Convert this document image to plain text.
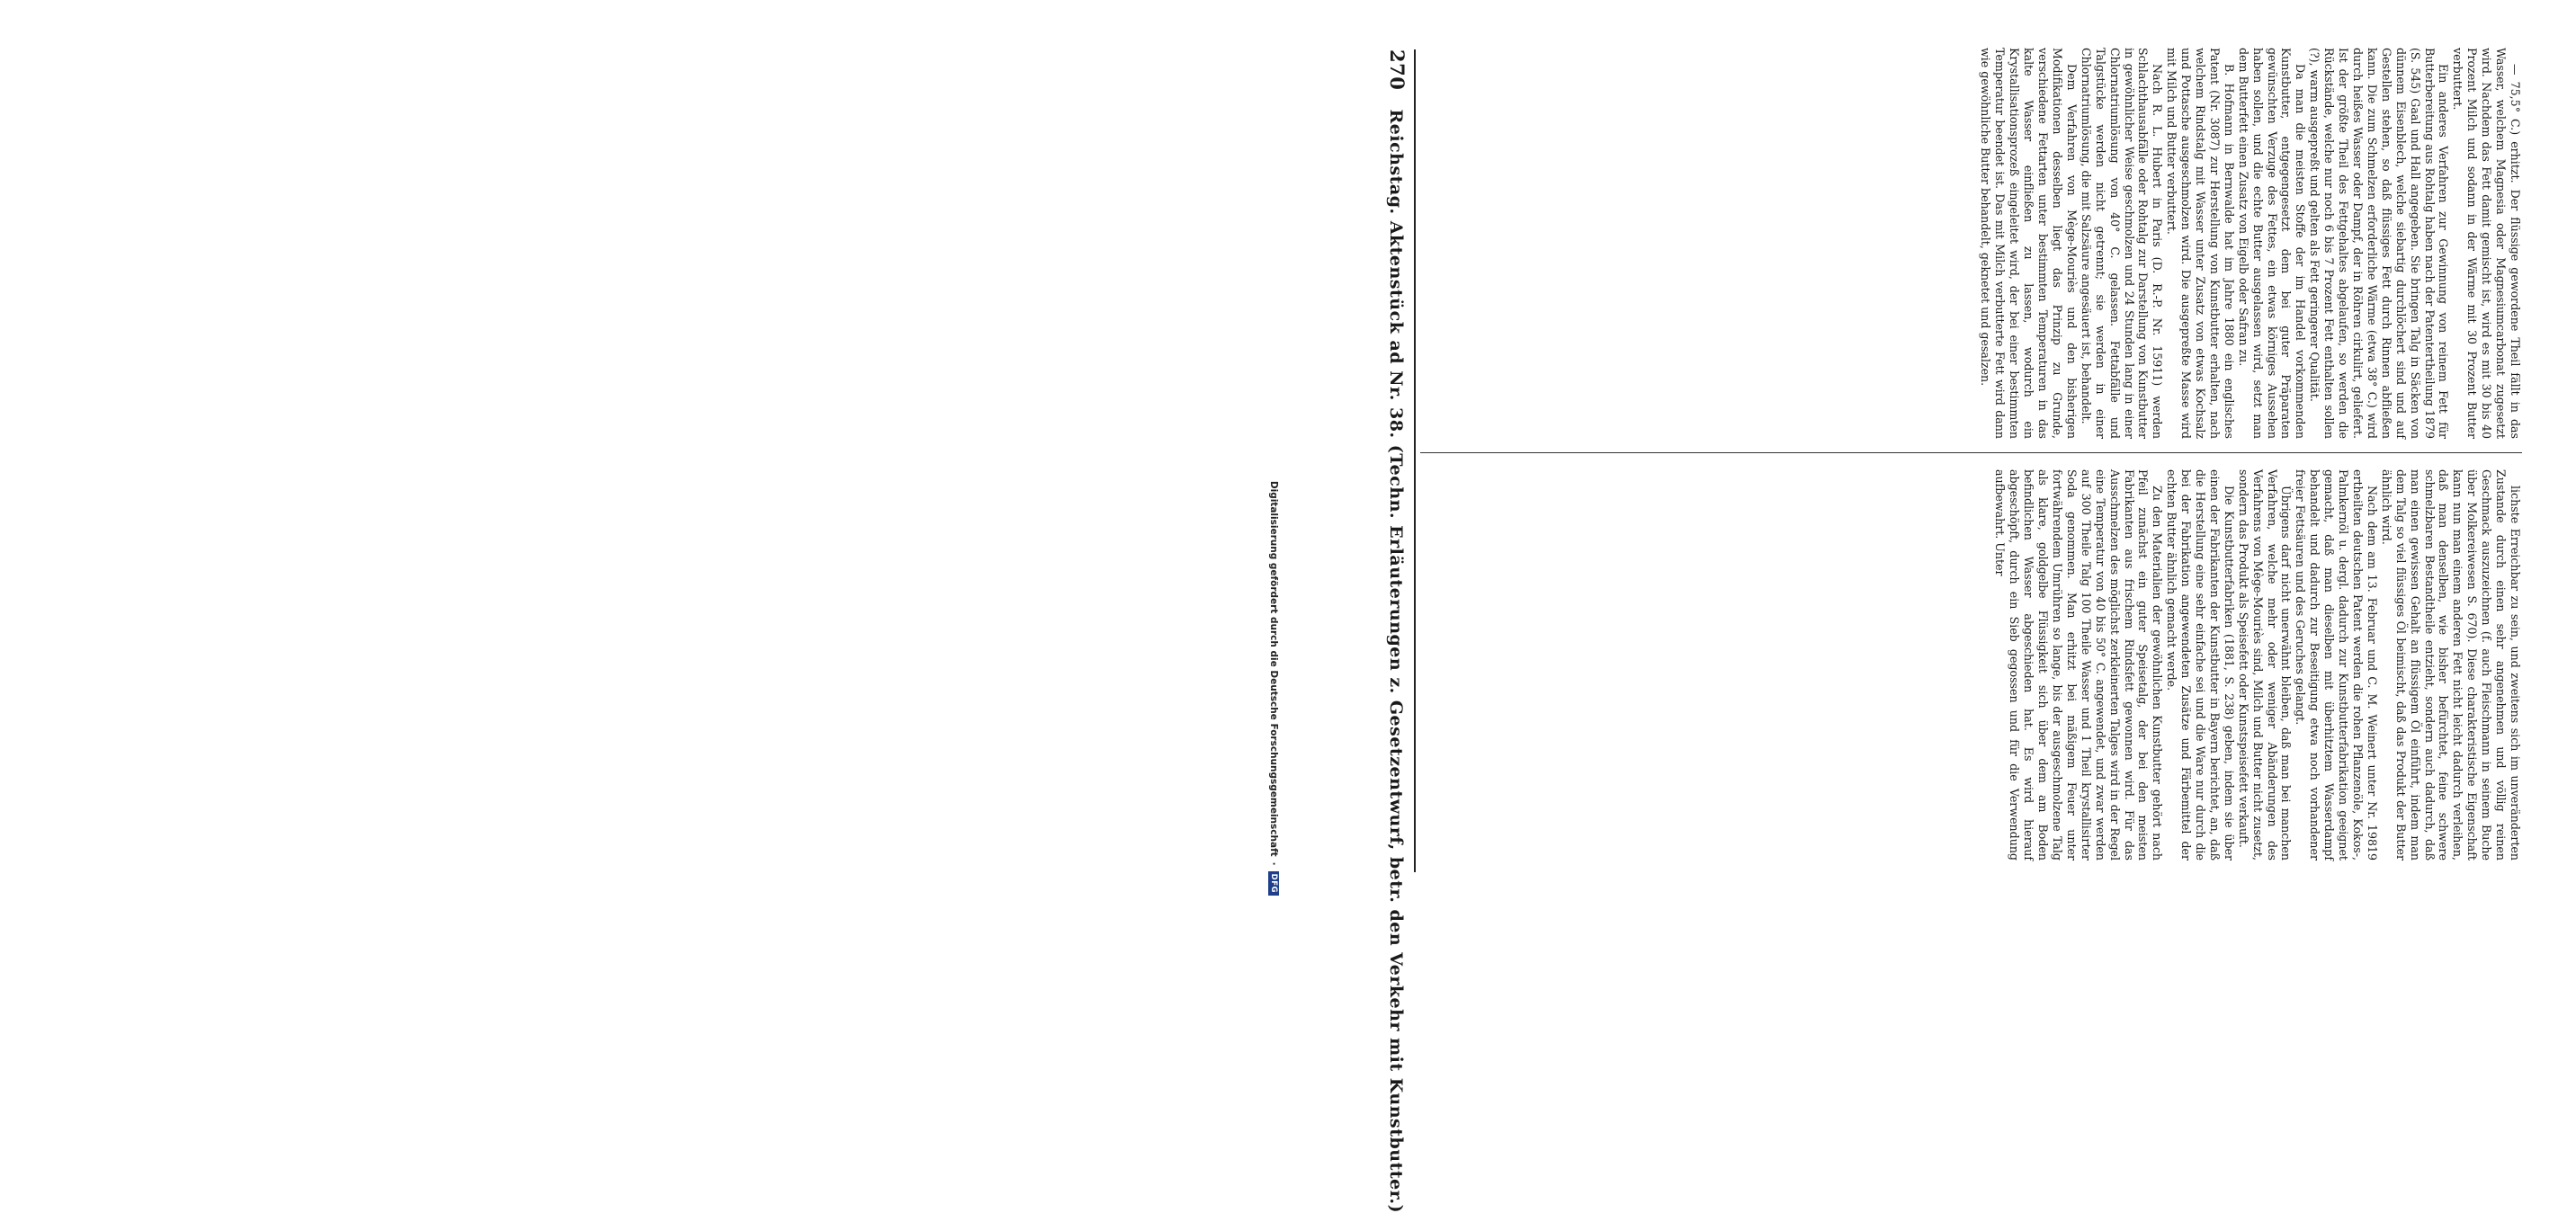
270 Reichstag. Aktenstück ad Nr. 38. (Techn. Erläuterungen z. Gesetzentwurf, betr. den Verkehr mit Kunstbutter.)	— 75,5° C.) erhitzt. Der flüssige gewordene Theil fällt in das Wasser, welchem Magnesia oder Magnesiumcarbonat zugesetzt wird. Nachdem das Fett damit gemischt ist, wird es mit 30 bis 40 Prozent Milch und sodann in der Wärme mit 30 Prozent Butter verbuttert.

Ein anderes Verfahren zur Gewinnung von reinem Fett für Butterbereitung aus Rohtalg haben nach der Patentertheilung 1879 (S. 545) Gaal und Hall angegeben. Sie bringen Talg in Säcken von dünnem Eisenblech, welche siebartig durchlöchert sind und auf Gestellen stehen, so daß flüssiges Fett durch Rinnen abfließen kann. Die zum Schmelzen erforderliche Wärme (etwa 38° C.) wird durch heißes Wasser oder Dampf, der in Röhren cirkulirt, geliefert. Ist der größte Theil des Fettgehaltes abgelaufen, so werden die Rückstände, welche nur noch 6 bis 7 Prozent Fett enthalten sollen (?), warm ausgepreßt und gelten als Fett geringerer Qualität.

Da man die meisten Stoffe der im Handel vorkommenden Kunstbutter, entgegengesetzt dem bei guter Präparaten gewünschten Verzuge des Fettes, ein etwas körniges Aussehen haben sollen, und die echte Butter ausgelassen wird, setzt man dem Butterfett einen Zusatz von Eigelb oder Safran zu.

B. Hofmann in Bernwalde hat im Jahre 1880 ein englisches Patent (Nr. 3087) zur Herstellung von Kunstbutter erhalten, nach welchem Rindstalg mit Wasser unter Zusatz von etwas Kochsalz und Pottasche ausgeschmolzen wird. Die ausgepreßte Masse wird mit Milch und Butter verbuttert.

Nach R. L. Hubert in Paris (D. R.-P. Nr. 15911) werden Schlachthausabfälle oder Rohtalg zur Darstellung von Kunstbutter in gewöhnlicher Weise geschmolzen und 24 Stunden lang in einer Chlornatriumlösung von 40° C. gelassen. Fettabfälle und Talgstücke werden nicht getrennt; sie werden in einer Chlornatriumlösung, die mit Salzsäure angesäuert ist, behandelt.

Dem Verfahren von Mège-Mouriès und den bisherigen Modifikationen desselben liegt das Prinzip zu Grunde, verschiedene Fettarten unter bestimmten Temperaturen in das kalte Wasser einfließen zu lassen, wodurch ein Krystallisationsprozeß eingeleitet wird, der bei einer bestimmten Temperatur beendet ist. Das mit Milch verbutterte Fett wird dann wie gewöhnliche Butter behandelt, geknetet und gesalzen.

lichste Erreichbar zu sein, und zweitens sich im unveränderten Zustande durch einen sehr angenehmen und völlig reinen Geschmack auszuzeichnen (f. auch Fleischmann in seinem Buche über Molkereiwesen S. 670). Diese charakteristische Eigenschaft kann nun man einem anderen Fett nicht leicht dadurch verleihen, daß man denselben, wie bisher befürchtet, feine schwere schmelzbaren Bestandtheile entzieht, sondern auch dadurch, daß man einen gewissen Gehalt an flüssigem Öl einführt, indem man dem Talg so viel flüssiges Öl beimischt, daß das Produkt der Butter ähnlich wird.

Nach dem am 13. Februar und C. M. Weinert unter Nr. 19819 ertheilten deutschen Patent werden die rohen Pflanzenöle, Kokos-, Palmkernöl u. dergl. dadurch zur Kunstbutterfabrikation geeignet gemacht, daß man dieselben mit überhitztem Wasserdampf behandelt und dadurch zur Beseitigung etwa noch vorhandener freier Fettsäuren und des Geruches gelangt.

Übrigens darf nicht unerwähnt bleiben, daß man bei manchen Verfahren, welche mehr oder weniger Abänderungen des Verfahrens von Mège-Mouriès sind, Milch und Butter nicht zusetzt, sondern das Produkt als Speisefett oder Kunstspeisefett verkauft.

Die Kunstbutterfabriken (1881, S. 238) geben, indem sie über einen der Fabrikanten der Kunstbutter in Bayern berichtet, an, daß die Herstellung eine sehr einfache sei und die Ware nur durch die bei der Fabrikation angewendeten Zusätze und Färbemittel der echten Butter ähnlich gemacht werde.

Zu den Materialien der gewöhnlichen Kunstbutter gehört nach Pfeil zunächst ein guter Speisetalg, der bei den meisten Fabrikanten aus frischem Rindsfett gewonnen wird. Für das Ausschmelzen des möglichst zerkleinerten Talges wird in der Regel eine Temperatur von 40 bis 50° C. angewendet, und zwar werden auf 300 Theile Talg 100 Theile Wasser und 1 Theil krystallisirter Soda genommen. Man erhitzt bei mäßigem Feuer unter fortwährendem Umrühren so lange, bis der ausgeschmolzene Talg als klare, goldgelbe Flüssigkeit sich über dem am Boden befindlichen Wasser abgeschieden hat. Es wird hierauf abgeschöpft, durch ein Sieb gegossen und für die Verwendung aufbewahrt. Unter

Digitalisierung gefördert durch die Deutsche Forschungsgemeinschaft
·
DFG
